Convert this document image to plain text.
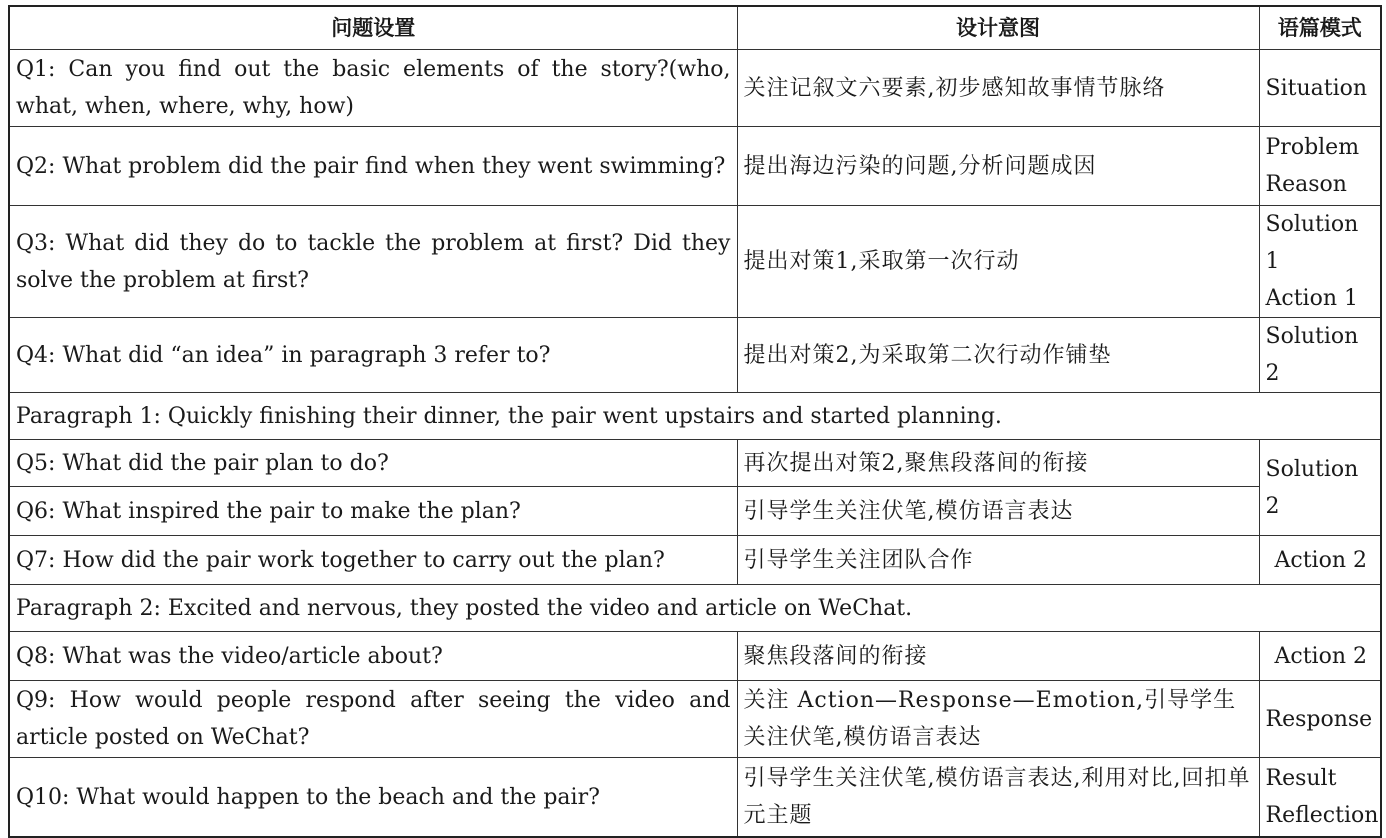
问题设置	设计意图	语篇模式
Q1: Can you find out the basic elements of the story?(who, what, when, where, why, how)	关注记叙文六要素,初步感知故事情节脉络	Situation

Q2: What problem did the pair find when they went swimming?	提出海边污染的问题,分析问题成因	Problem
Reason

Q3: What did they do to tackle the problem at first? Did they solve the problem at first?	提出对策1,采取第一次行动	Solution 1
Action 1

Q4: What did “an idea” in paragraph 3 refer to?	提出对策2,为采取第二次行动作铺垫	Solution 2

Paragraph 1: Quickly finishing their dinner, the pair went upstairs and started planning.		
Q5: What did the pair plan to do?	再次提出对策2,聚焦段落间的衔接	Solution 2

Q6: What inspired the pair to make the plan?	引导学生关注伏笔,模仿语言表达	
Q7: How did the pair work together to carry out the plan?	引导学生关注团队合作	Action 2

Paragraph 2: Excited and nervous, they posted the video and article on WeChat.		
Q8: What was the video/article about?	聚焦段落间的衔接	Action 2

Q9: How would people respond after seeing the video and article posted on WeChat?	关注 Action—Response—Emotion,引导学生关注伏笔,模仿语言表达	Response

Q10: What would happen to the beach and the pair?	引导学生关注伏笔,模仿语言表达,利用对比,回扣单元主题	Result
Reflection
